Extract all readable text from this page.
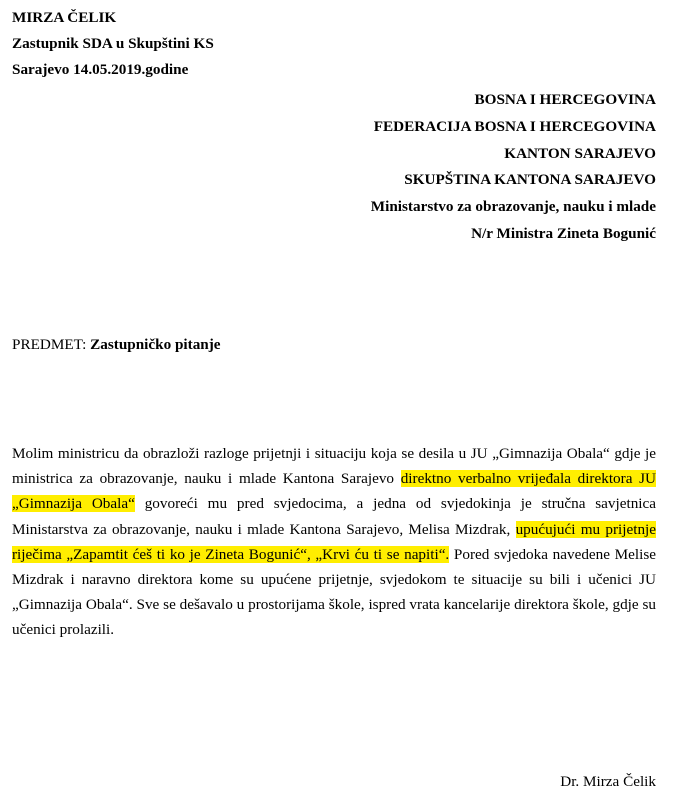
MIRZA ČELIK
Zastupnik SDA u Skupštini KS
Sarajevo 14.05.2019.godine
BOSNA I HERCEGOVINA
FEDERACIJA BOSNA I HERCEGOVINA
KANTON SARAJEVO
SKUPŠTINA KANTONA SARAJEVO
Ministarstvo za obrazovanje, nauku i mlade
N/r Ministra Zineta Bogunić
PREDMET: Zastupničko pitanje
Molim ministricu da obrazloži razloge prijetnji i situaciju koja se desila u JU „Gimnazija Obala“ gdje je ministrica za obrazovanje, nauku i mlade Kantona Sarajevo direktno verbalno vrijeđala direktora JU „Gimnazija Obala“ govoreći mu pred svjedocima, a jedna od svjedokinja je stručna savjetnica Ministarstva za obrazovanje, nauku i mlade Kantona Sarajevo, Melisa Mizdrak, upućujući mu prijetnje riječima „Zapamtit ćeš ti ko je Zineta Bogunić“, „Krvi ću ti se napiti“. Pored svjedoka navedene Melise Mizdrak i naravno direktora kome su upućene prijetnje, svjedokom te situacije su bili i učenici JU „Gimnazija Obala“. Sve se dešavalo u prostorijama škole, ispred vrata kancelarije direktora škole, gdje su učenici prolazili.
Dr. Mirza Čelik
